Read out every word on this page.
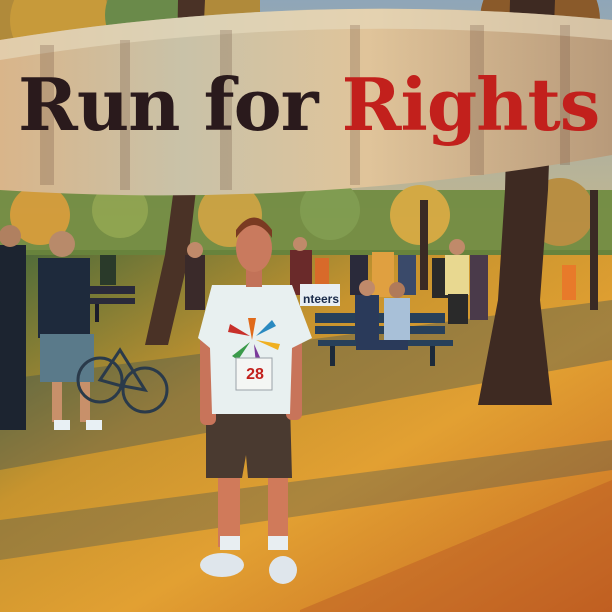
Run for Rights
28
nteers
